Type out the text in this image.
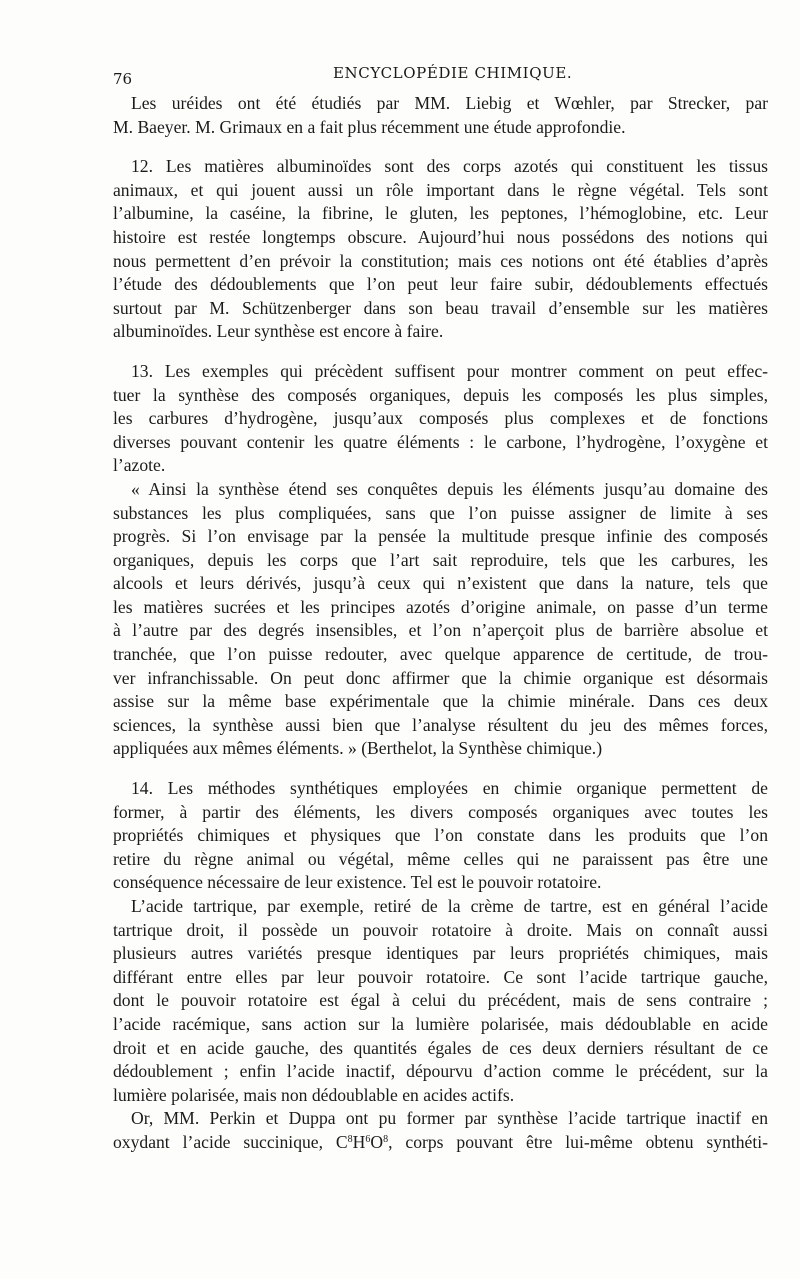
76	ENCYCLOPÉDIE CHIMIQUE.
Les uréides ont été étudiés par MM. Liebig et Wœhler, par Strecker, par
M. Baeyer. M. Grimaux en a fait plus récemment une étude approfondie.
12. Les matières albuminoïdes sont des corps azotés qui constituent les tissus
animaux, et qui jouent aussi un rôle important dans le règne végétal. Tels sont
l’albumine, la caséine, la fibrine, le gluten, les peptones, l’hémoglobine, etc. Leur
histoire est restée longtemps obscure. Aujourd’hui nous possédons des notions qui
nous permettent d’en prévoir la constitution; mais ces notions ont été établies d’après
l’étude des dédoublements que l’on peut leur faire subir, dédoublements effectués
surtout par M. Schützenberger dans son beau travail d’ensemble sur les matières
albuminoïdes. Leur synthèse est encore à faire.
13. Les exemples qui précèdent suffisent pour montrer comment on peut effec-
tuer la synthèse des composés organiques, depuis les composés les plus simples,
les carbures d’hydrogène, jusqu’aux composés plus complexes et de fonctions
diverses pouvant contenir les quatre éléments : le carbone, l’hydrogène, l’oxygène et
l’azote.
« Ainsi la synthèse étend ses conquêtes depuis les éléments jusqu’au domaine des
substances les plus compliquées, sans que l’on puisse assigner de limite à ses
progrès. Si l’on envisage par la pensée la multitude presque infinie des composés
organiques, depuis les corps que l’art sait reproduire, tels que les carbures, les
alcools et leurs dérivés, jusqu’à ceux qui n’existent que dans la nature, tels que
les matières sucrées et les principes azotés d’origine animale, on passe d’un terme
à l’autre par des degrés insensibles, et l’on n’aperçoit plus de barrière absolue et
tranchée, que l’on puisse redouter, avec quelque apparence de certitude, de trou-
ver infranchissable. On peut donc affirmer que la chimie organique est désormais
assise sur la même base expérimentale que la chimie minérale. Dans ces deux
sciences, la synthèse aussi bien que l’analyse résultent du jeu des mêmes forces,
appliquées aux mêmes éléments. » (Berthelot, la Synthèse chimique.)
14. Les méthodes synthétiques employées en chimie organique permettent de
former, à partir des éléments, les divers composés organiques avec toutes les
propriétés chimiques et physiques que l’on constate dans les produits que l’on
retire du règne animal ou végétal, même celles qui ne paraissent pas être une
conséquence nécessaire de leur existence. Tel est le pouvoir rotatoire.
L’acide tartrique, par exemple, retiré de la crème de tartre, est en général l’acide
tartrique droit, il possède un pouvoir rotatoire à droite. Mais on connaît aussi
plusieurs autres variétés presque identiques par leurs propriétés chimiques, mais
différant entre elles par leur pouvoir rotatoire. Ce sont l’acide tartrique gauche,
dont le pouvoir rotatoire est égal à celui du précédent, mais de sens contraire ;
l’acide racémique, sans action sur la lumière polarisée, mais dédoublable en acide
droit et en acide gauche, des quantités égales de ces deux derniers résultant de ce
dédoublement ; enfin l’acide inactif, dépourvu d’action comme le précédent, sur la
lumière polarisée, mais non dédoublable en acides actifs.
Or, MM. Perkin et Duppa ont pu former par synthèse l’acide tartrique inactif en
oxydant l’acide succinique, $C^8H^6O^8$, corps pouvant être lui-même obtenu synthéti-
